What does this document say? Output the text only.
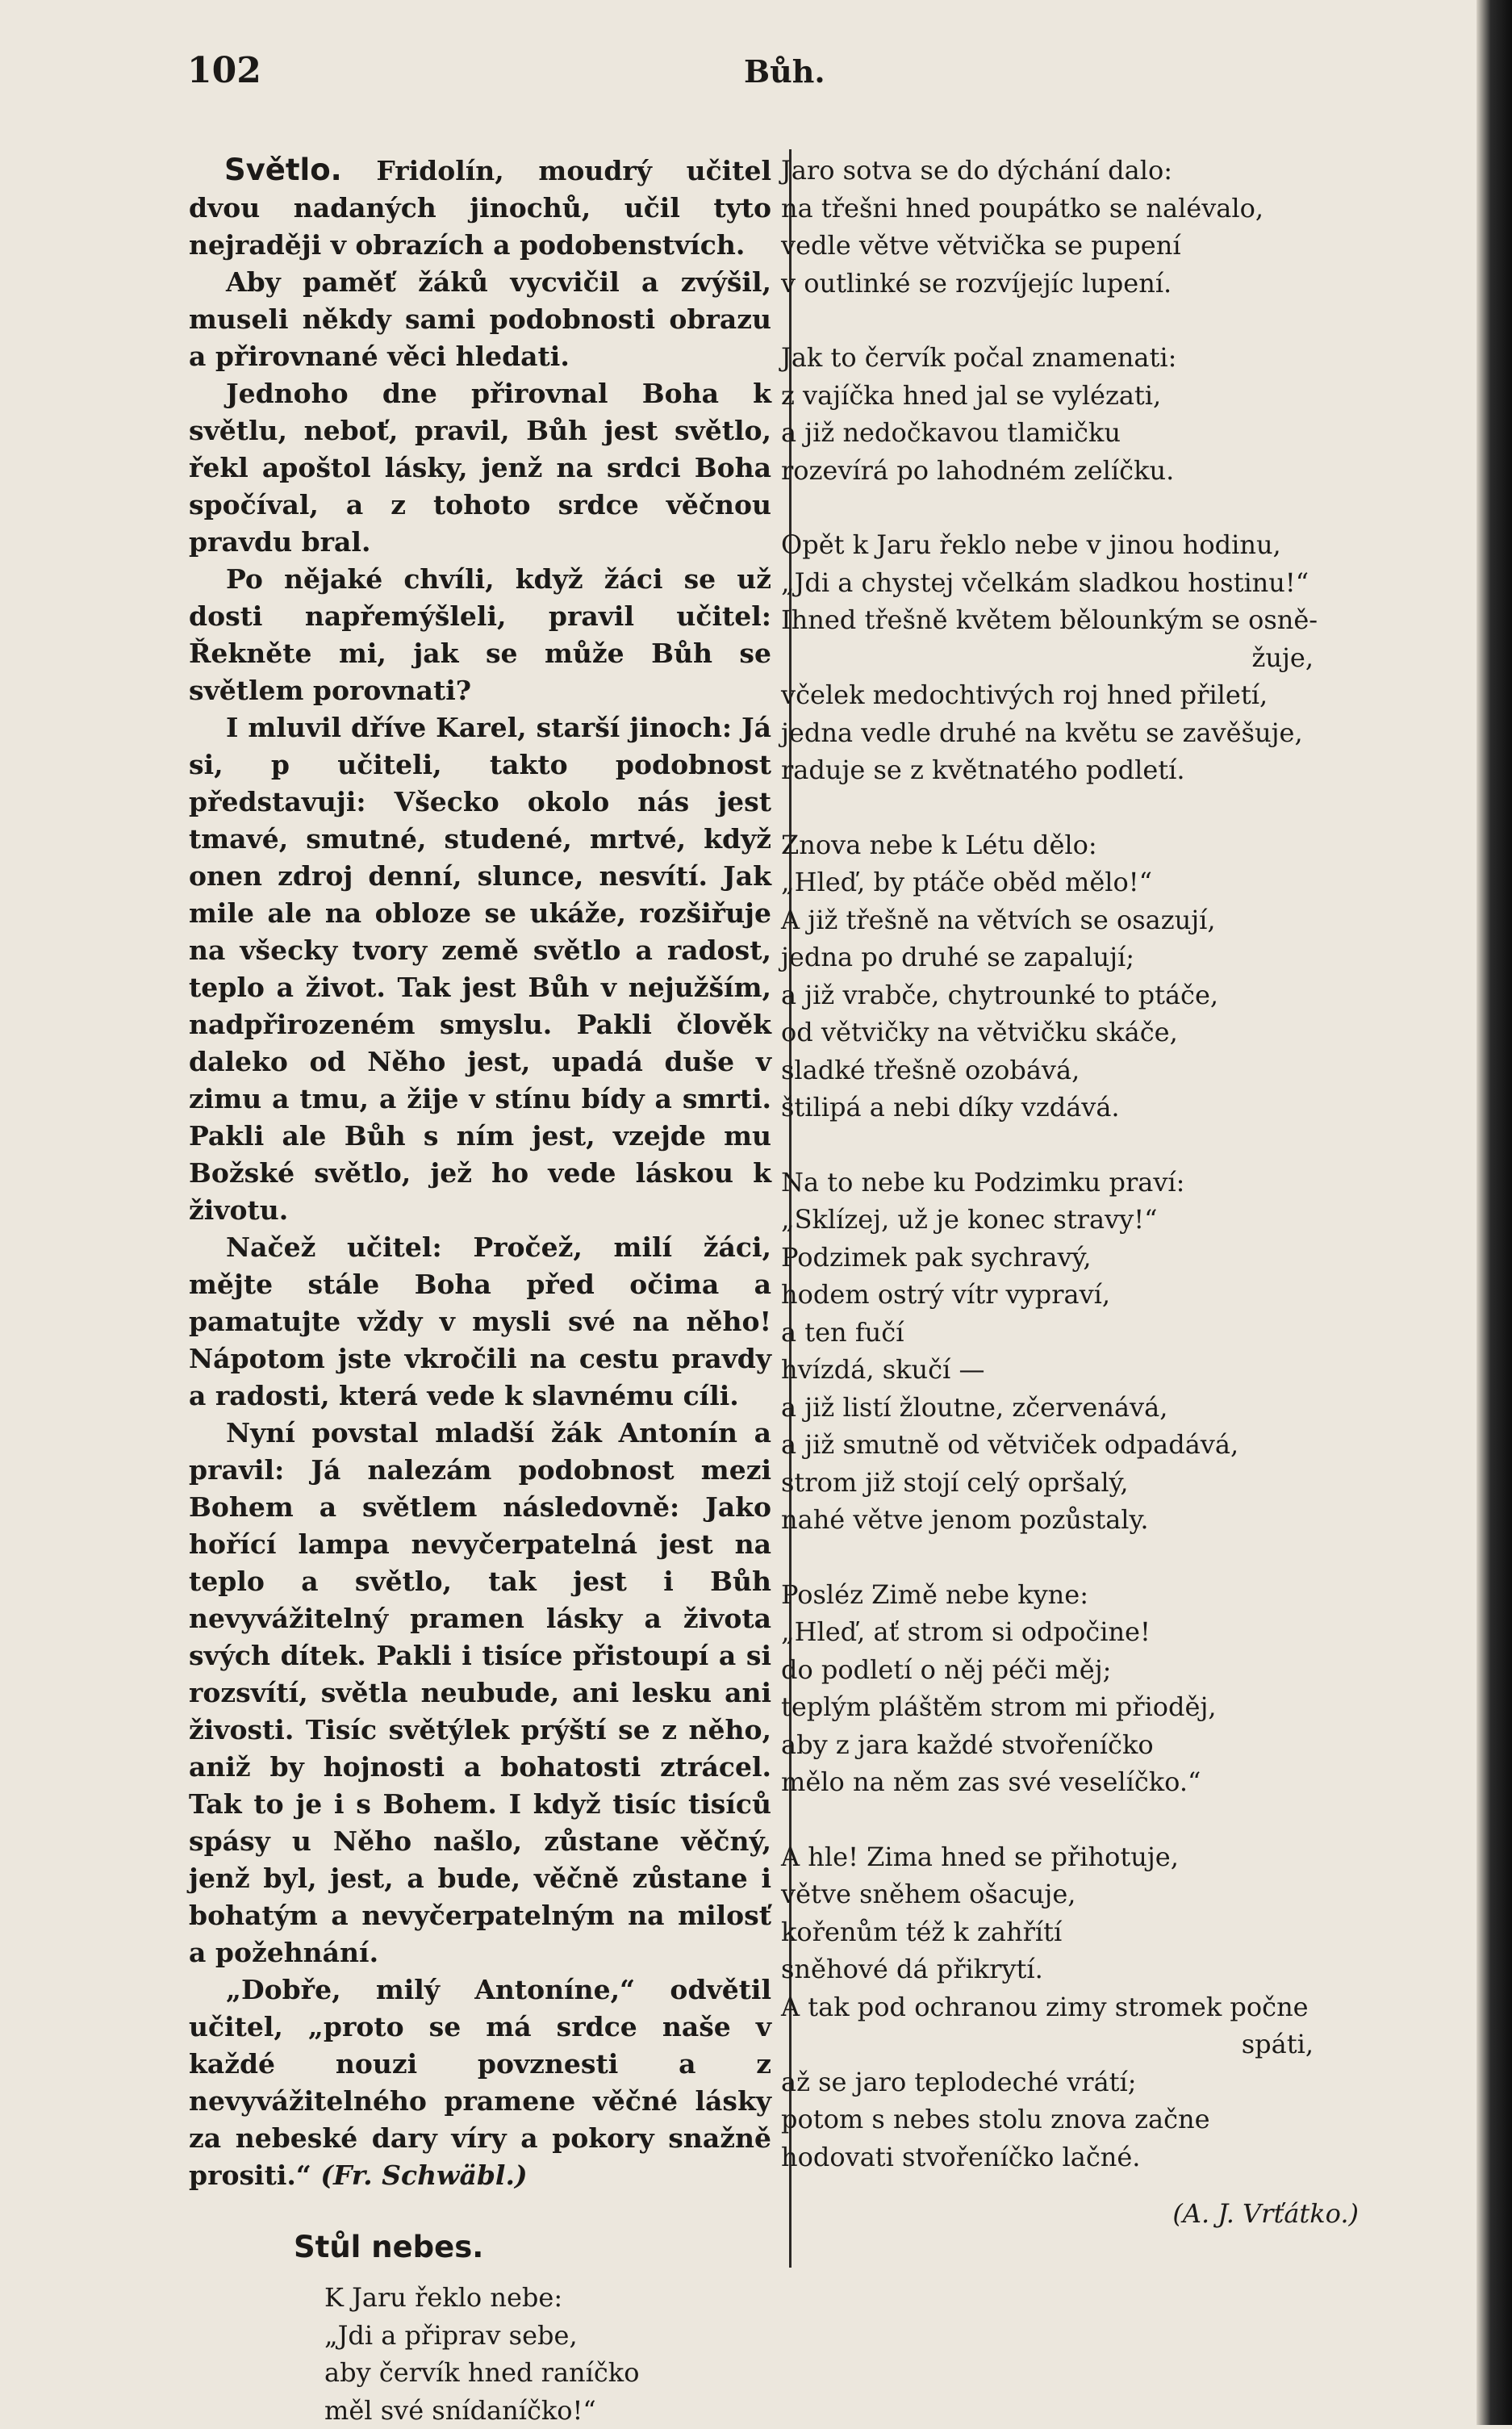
102	Bůh.

Světlo. Fridolín, moudrý učitel dvou nadaných jinochů, učil tyto nejraději v obrazích a podobenstvích.

Aby paměť žáků vycvičil a zvýšil, museli někdy sami podobnosti obrazu a přirovnané věci hledati.

Jednoho dne přirovnal Boha k světlu, neboť, pravil, Bůh jest světlo, řekl apoštol lásky, jenž na srdci Boha spočíval, a z tohoto srdce věčnou pravdu bral.

Po nějaké chvíli, když žáci se už dosti napřemýšleli, pravil učitel: Řekněte mi, jak se může Bůh se světlem porovnati?

I mluvil dříve Karel, starší jinoch: Já si, p učiteli, takto podobnost představuji: Všecko okolo nás jest tmavé, smutné, studené, mrtvé, když onen zdroj denní, slunce, nesvítí. Jak mile ale na obloze se ukáže, rozšiřuje na všecky tvory země světlo a radost, teplo a život. Tak jest Bůh v nejužším, nadpřirozeném smyslu. Pakli člověk daleko od Něho jest, upadá duše v zimu a tmu, a žije v stínu bídy a smrti. Pakli ale Bůh s ním jest, vzejde mu Božské světlo, jež ho vede láskou k životu.

Načež učitel: Pročež, milí žáci, mějte stále Boha před očima a pamatujte vždy v mysli své na něho! Nápotom jste vkročili na cestu pravdy a radosti, která vede k slavnému cíli.

Nyní povstal mladší žák Antonín a pravil: Já nalezám podobnost mezi Bohem a světlem následovně: Jako hořící lampa nevyčerpatelná jest na teplo a světlo, tak jest i Bůh nevyvážitelný pramen lásky a života svých dítek. Pakli i tisíce přistoupí a si rozsvítí, světla neubude, ani lesku ani živosti. Tisíc světýlek prýští se z něho, aniž by hojnosti a bohatosti ztrácel. Tak to je i s Bohem. I když tisíc tisíců spásy u Něho našlo, zůstane věčný, jenž byl, jest, a bude, věčně zůstane i bohatým a nevyčerpatelným na milosť a požehnání.

„Dobře, milý Antoníne,“ odvětil učitel, „proto se má srdce naše v každé nouzi povznesti a z nevyvážitelného pramene věčné lásky za nebeské dary víry a pokory snažně prositi.“ (Fr. Schwäbl.)

Stůl nebes.
K Jaru řeklo nebe:
„Jdi a připrav sebe,
aby červík hned raníčko
měl své snídaníčko!“
Jaro sotva se do dýchání dalo:
na třešni hned poupátko se nalévalo,
vedle větve větvička se pupení
v outlinké se rozvíjejíc lupení.
Jak to červík počal znamenati:
z vajíčka hned jal se vylézati,
a již nedočkavou tlamičku
rozevírá po lahodném zelíčku.
Opět k Jaru řeklo nebe v jinou hodinu,
„Jdi a chystej včelkám sladkou hostinu!“
Ihned třešně květem bělounkým se osně-
žuje,
včelek medochtivých roj hned přiletí,
jedna vedle druhé na květu se zavěšuje,
raduje se z květnatého podletí.
Znova nebe k Létu dělo:
„Hleď, by ptáče oběd mělo!“
A již třešně na větvích se osazují,
jedna po druhé se zapalují;
a již vrabče, chytrounké to ptáče,
od větvičky na větvičku skáče,
sladké třešně ozobává,
štilipá a nebi díky vzdává.
Na to nebe ku Podzimku praví:
„Sklízej, už je konec stravy!“
Podzimek pak sychravý,
hodem ostrý vítr vypraví,
a ten fučí
hvízdá, skučí —
a již listí žloutne, zčervenává,
a již smutně od větviček odpadává,
strom již stojí celý opršalý,
nahé větve jenom pozůstaly.
Posléz Zimě nebe kyne:
„Hleď, ať strom si odpočine!
do podletí o něj péči měj;
teplým pláštěm strom mi přioděj,
aby z jara každé stvořeníčko
mělo na něm zas své veselíčko.“
A hle! Zima hned se přihotuje,
větve sněhem ošacuje,
kořenům též k zahřítí
sněhové dá přikrytí.
A tak pod ochranou zimy stromek počne
spáti,
až se jaro teplodeché vrátí;
potom s nebes stolu znova začne
hodovati stvořeníčko lačné.
(A. J. Vrťátko.)
